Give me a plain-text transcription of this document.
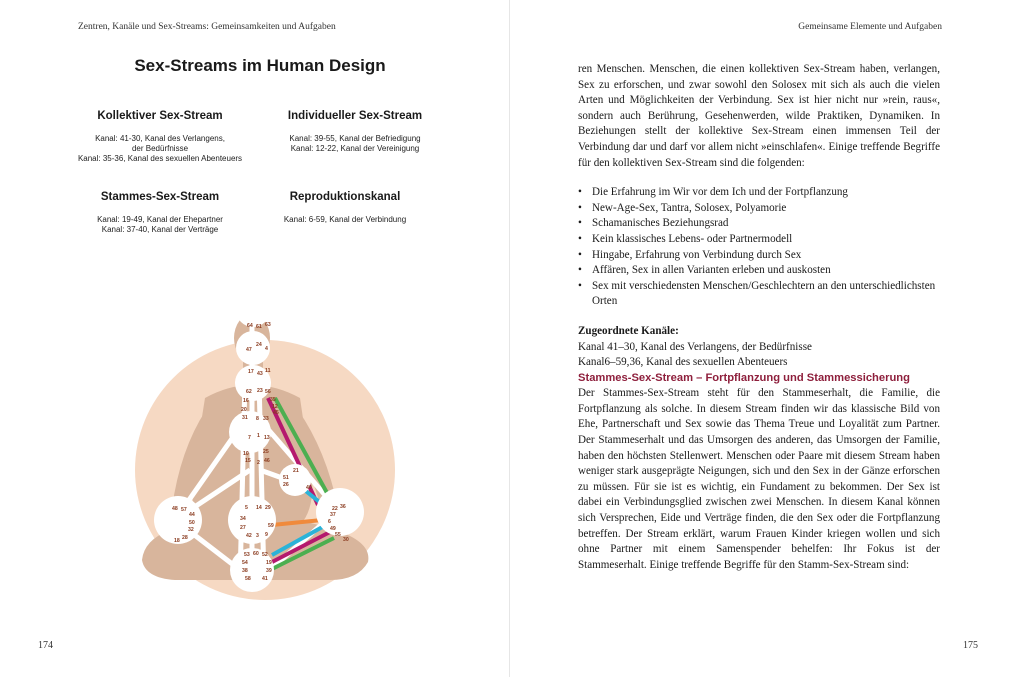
Zentren, Kanäle und Sex-Streams: Gemeinsamkeiten und Aufgaben
Sex-Streams im Human Design
Kollektiver Sex-Stream

Kanal: 41-30, Kanal des Verlangens,

der Bedürfnisse

Kanal: 35-36, Kanal des sexuellen Abenteuers

Individueller Sex-Stream

Kanal: 39-55, Kanal der Befriedigung

Kanal: 12-22, Kanal der Vereinigung

Stammes-Sex-Stream

Kanal: 19-49, Kanal der Ehepartner

Kanal: 37-40, Kanal der Verträge

Reproduktionskanal

Kanal: 6-59, Kanal der Verbindung

64 61 63
47
24
4
17 43 11
62 23 56
16	35
20	12
31 8 33
45
7 1 13
10	25
15 2 46
21
51
26	40
48 57
44
50
32
28
18
5 14 29
34
27	59
42 3 9
36
22
37
6
49
55
30
53 60 52
54	19
38	39
58 41
174
Gemeinsame Elemente und Aufgaben

ren Menschen. Menschen, die einen kollektiven Sex-Stream haben, verlangen, Sex zu erforschen, und zwar sowohl den Solosex mit sich als auch die vielen Arten und Möglichkeiten der Verbindung. Sex ist hier nicht nur »rein, raus«, sondern auch Berührung, Gesehenwerden, wilde Praktiken, Dynamiken. In Beziehungen stellt der kollektive Sex-Stream einen immensen Teil der Verbindung dar und darf vor allem nicht »einschlafen«. Einige treffende Begriffe für den kollektiven Sex-Stream sind die folgenden:

• Die Erfahrung im Wir vor dem Ich und der Fortpflanzung
• New-Age-Sex, Tantra, Solosex, Polyamorie
• Schamanisches Beziehungsrad
• Kein klassisches Lebens- oder Partnermodell
• Hingabe, Erfahrung von Verbindung durch Sex
• Affären, Sex in allen Varianten erleben und auskosten
• Sex mit verschiedensten Menschen/Geschlechtern an den unterschiedlichsten Orten

Zugeordnete Kanäle:

Kanal 41–30, Kanal des Verlangens, der Bedürfnisse

Kanal6–59,36, Kanal des sexuellen Abenteuers

Stammes-Sex-Stream – Fortpflanzung und Stammessicherung

Der Stammes-Sex-Stream steht für den Stammeserhalt, die Familie, die Fortpflanzung als solche. In diesem Stream finden wir das klassische Bild von Ehe, Partnerschaft und Sex sowie das Thema Treue und Loyalität zum Partner. Der Stammeserhalt und das Umsorgen des anderen, das Umsorgen der Familie, haben den höchsten Stellenwert. Menschen oder Paare mit diesem Stream haben weniger stark ausgeprägte Neigungen, sich und den Sex in der Gänze erforschen zu müssen. Für sie ist es wichtig, ein Fundament zu bekommen. Der Sex ist dabei ein Verbindungsglied zwischen zwei Menschen. In diesem Kanal können sich Versprechen, Eide und Verträge finden, die den Sex oder die Fortpflanzung betreffen. Der Stream erklärt, warum Frauen Kinder kriegen wollen und sich ohne Partner mit einem Samenspender behelfen: Ihr Fokus ist der Stammeserhalt. Einige treffende Begriffe für den Stamm-Sex-Stream sind:

175
